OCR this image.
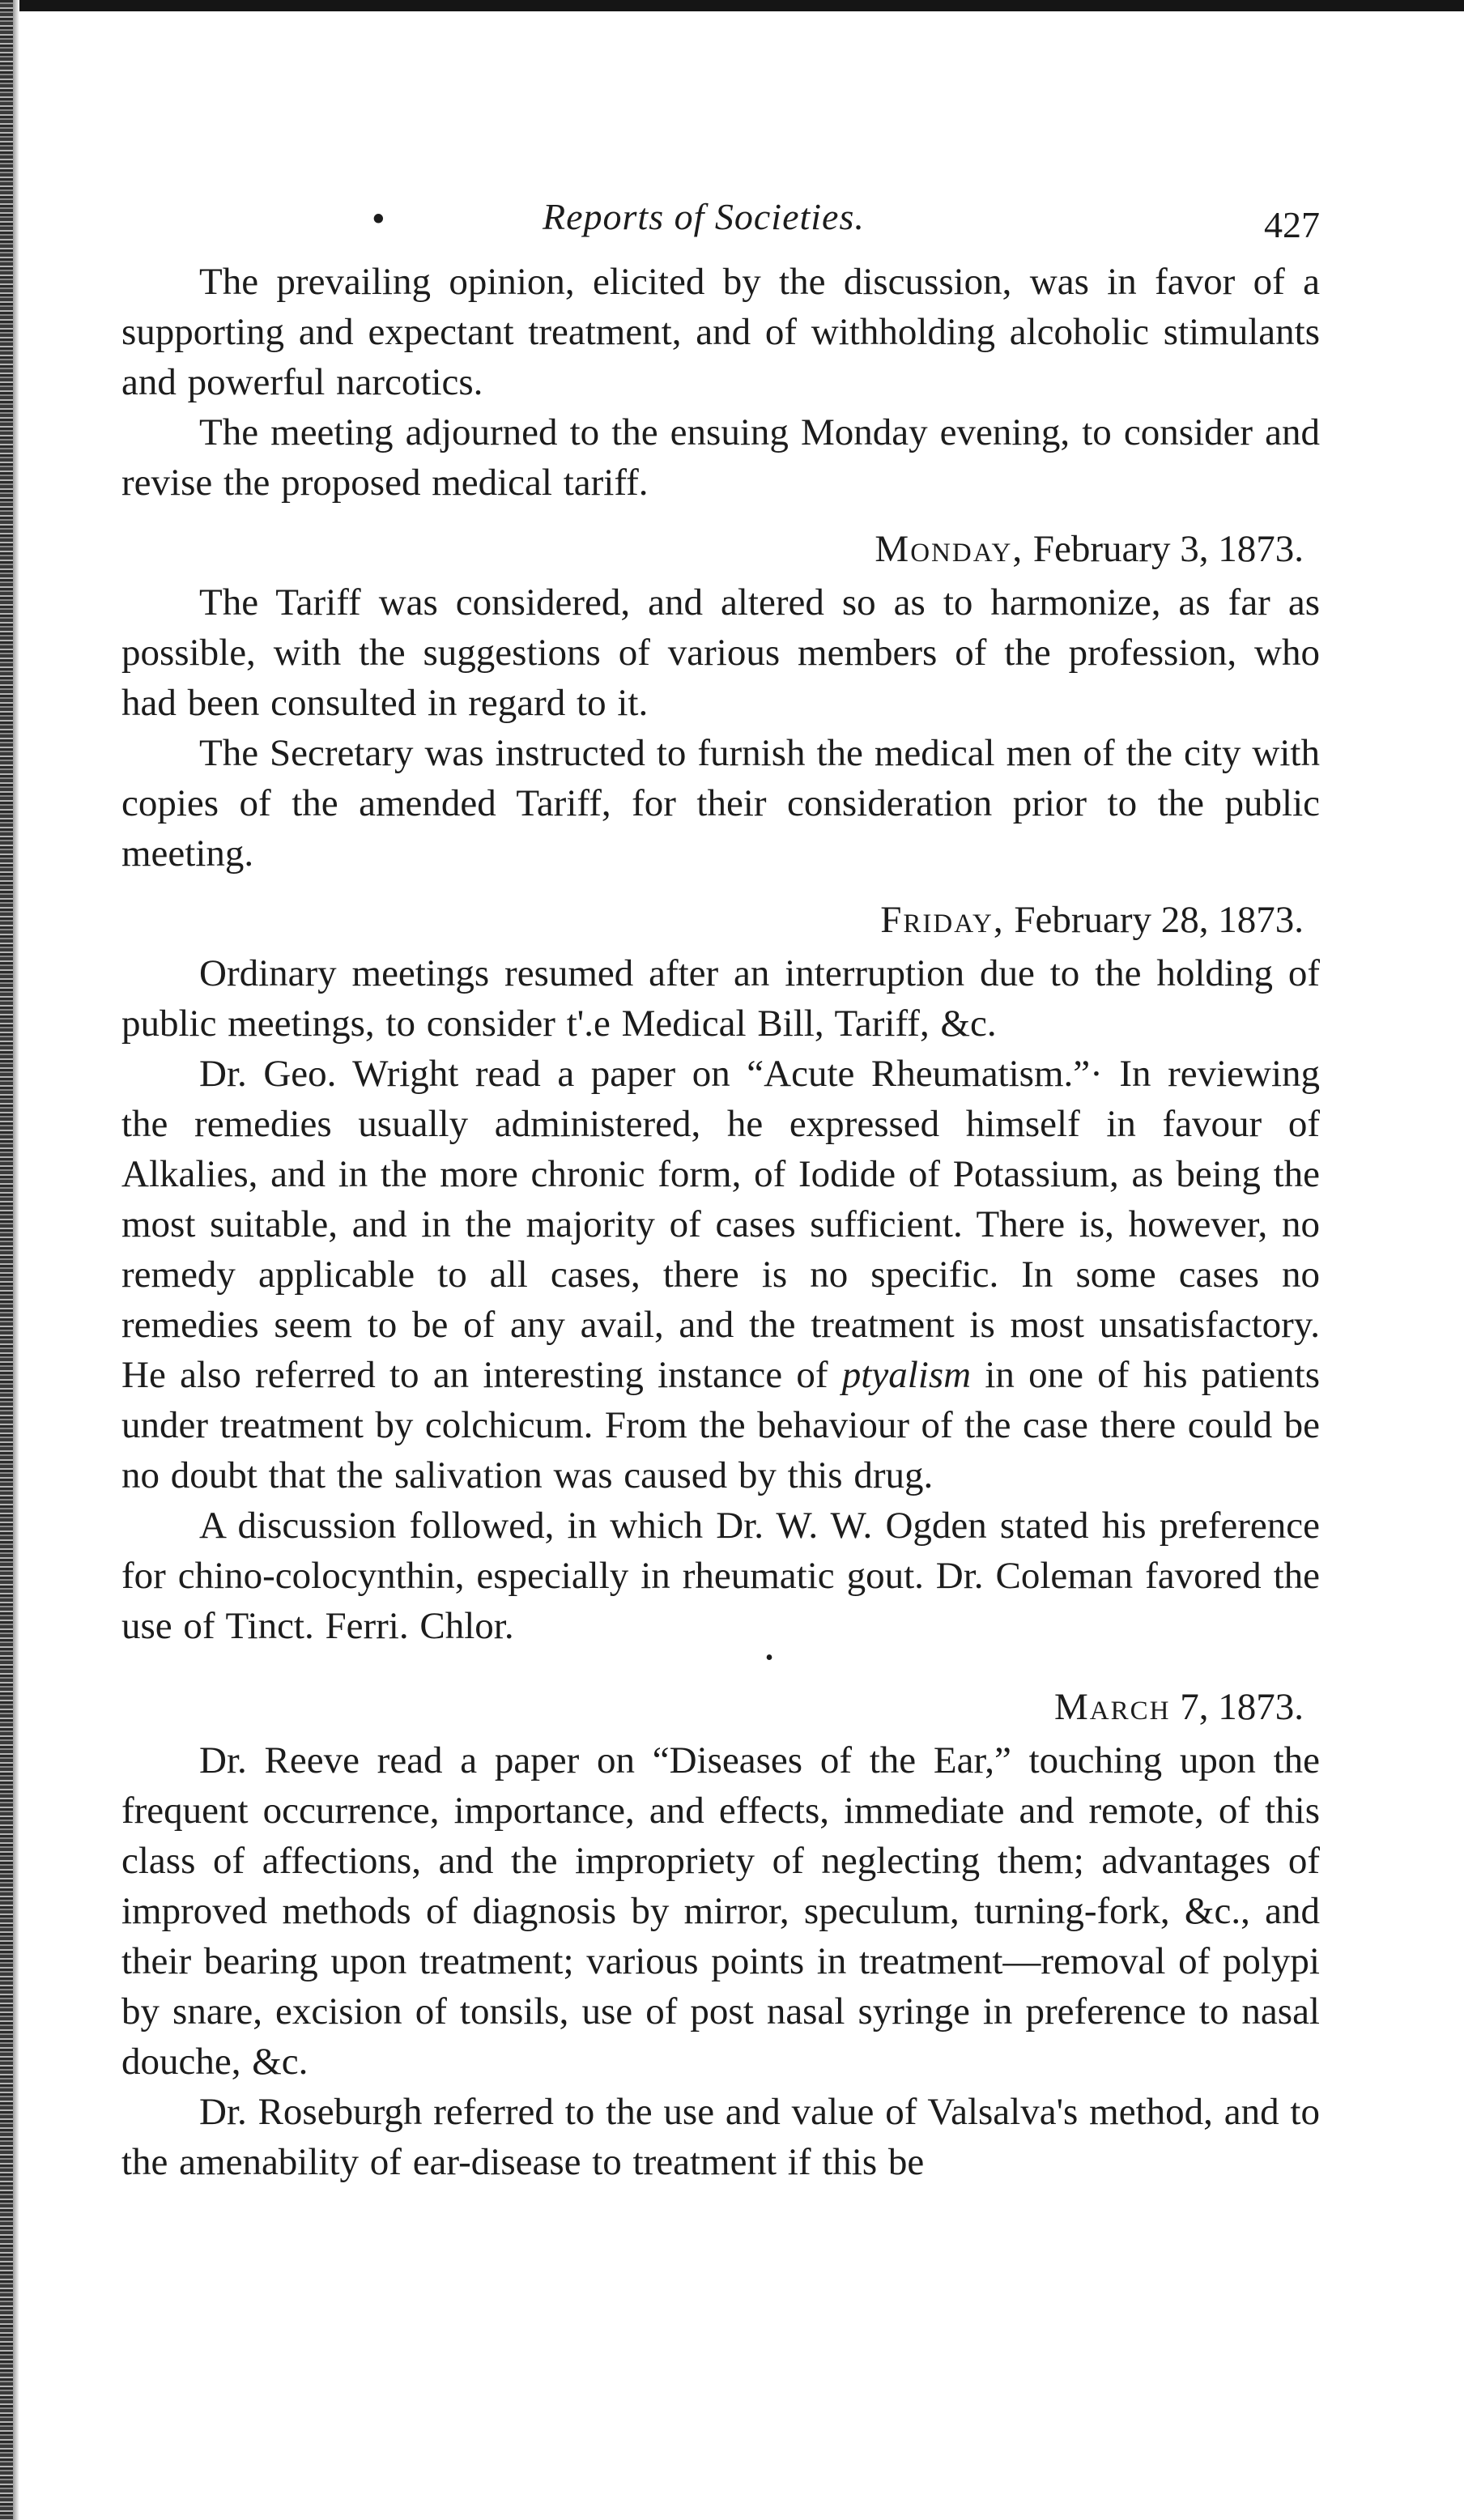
•	Reports of Societies.	427

The prevailing opinion, elicited by the discussion, was in favor of a supporting and expectant treatment, and of withholding alcoholic stimulants and powerful narcotics.

The meeting adjourned to the ensuing Monday evening, to consider and revise the proposed medical tariff.

Monday, February 3, 1873.

The Tariff was considered, and altered so as to harmonize, as far as possible, with the suggestions of various members of the profession, who had been consulted in regard to it.

The Secretary was instructed to furnish the medical men of the city with copies of the amended Tariff, for their consideration prior to the public meeting.

Friday, February 28, 1873.

Ordinary meetings resumed after an interruption due to the holding of public meetings, to consider t'.e Medical Bill, Tariff, &c.

Dr. Geo. Wright read a paper on “Acute Rheumatism.”· In reviewing the remedies usually administered, he expressed himself in favour of Alkalies, and in the more chronic form, of Iodide of Potassium, as being the most suitable, and in the majority of cases sufficient. There is, however, no remedy applicable to all cases, there is no specific. In some cases no remedies seem to be of any avail, and the treatment is most unsatisfactory. He also referred to an interesting instance of ptyalism in one of his patients under treatment by colchicum. From the behaviour of the case there could be no doubt that the salivation was caused by this drug.

A discussion followed, in which Dr. W. W. Ogden stated his preference for chino-colocynthin, especially in rheumatic gout. Dr. Coleman favored the use of Tinct. Ferri. Chlor.

•
March 7, 1873.

Dr. Reeve read a paper on “Diseases of the Ear,” touching upon the frequent occurrence, importance, and effects, immediate and remote, of this class of affections, and the impropriety of neglecting them; advantages of improved methods of diagnosis by mirror, speculum, turning-fork, &c., and their bearing upon treatment; various points in treatment—removal of polypi by snare, excision of tonsils, use of post nasal syringe in preference to nasal douche, &c.

Dr. Roseburgh referred to the use and value of Valsalva's method, and to the amenability of ear-disease to treatment if this be
